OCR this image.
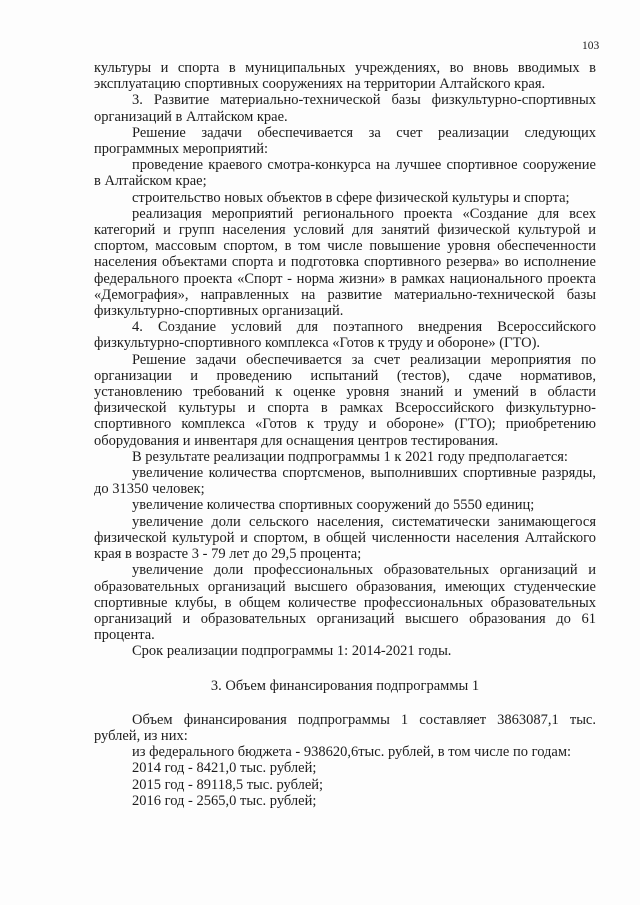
103

культуры и спорта в муниципальных учреждениях, во вновь вводимых в эксплуатацию спортивных сооружениях на территории Алтайского края.

3. Развитие материально-технической базы физкультурно-спортивных организаций в Алтайском крае.

Решение задачи обеспечивается за счет реализации следующих программных мероприятий:

проведение краевого смотра-конкурса на лучшее спортивное сооружение в Алтайском крае;

строительство новых объектов в сфере физической культуры и спорта;

реализация мероприятий регионального проекта «Создание для всех категорий и групп населения условий для занятий физической культурой и спортом, массовым спортом, в том числе повышение уровня обеспеченности населения объектами спорта и подготовка спортивного резерва» во исполнение федерального проекта «Спорт - норма жизни» в рамках национального проекта «Демография», направленных на развитие материально-технической базы физкультурно-спортивных организаций.

4. Создание условий для поэтапного внедрения Всероссийского физкультурно-спортивного комплекса «Готов к труду и обороне» (ГТО).

Решение задачи обеспечивается за счет реализации мероприятия по организации и проведению испытаний (тестов), сдаче нормативов, установлению требований к оценке уровня знаний и умений в области физической культуры и спорта в рамках Всероссийского физкультурно-спортивного комплекса «Готов к труду и обороне» (ГТО); приобретению оборудования и инвентаря для оснащения центров тестирования.

В результате реализации подпрограммы 1 к 2021 году предполагается:

увеличение количества спортсменов, выполнивших спортивные разряды, до 31350 человек;

увеличение количества спортивных сооружений до 5550 единиц;

увеличение доли сельского населения, систематически занимающегося физической культурой и спортом, в общей численности населения Алтайского края в возрасте 3 - 79 лет до 29,5 процента;

увеличение доли профессиональных образовательных организаций и образовательных организаций высшего образования, имеющих студенческие спортивные клубы, в общем количестве профессиональных образовательных организаций и образовательных организаций высшего образования до 61 процента.

Срок реализации подпрограммы 1: 2014-2021 годы.

3. Объем финансирования подпрограммы 1

Объем финансирования подпрограммы 1 составляет 3863087,1 тыс. рублей, из них:

из федерального бюджета - 938620,6тыс. рублей, в том числе по годам:

2014 год - 8421,0 тыс. рублей;

2015 год - 89118,5 тыс. рублей;

2016 год - 2565,0 тыс. рублей;
